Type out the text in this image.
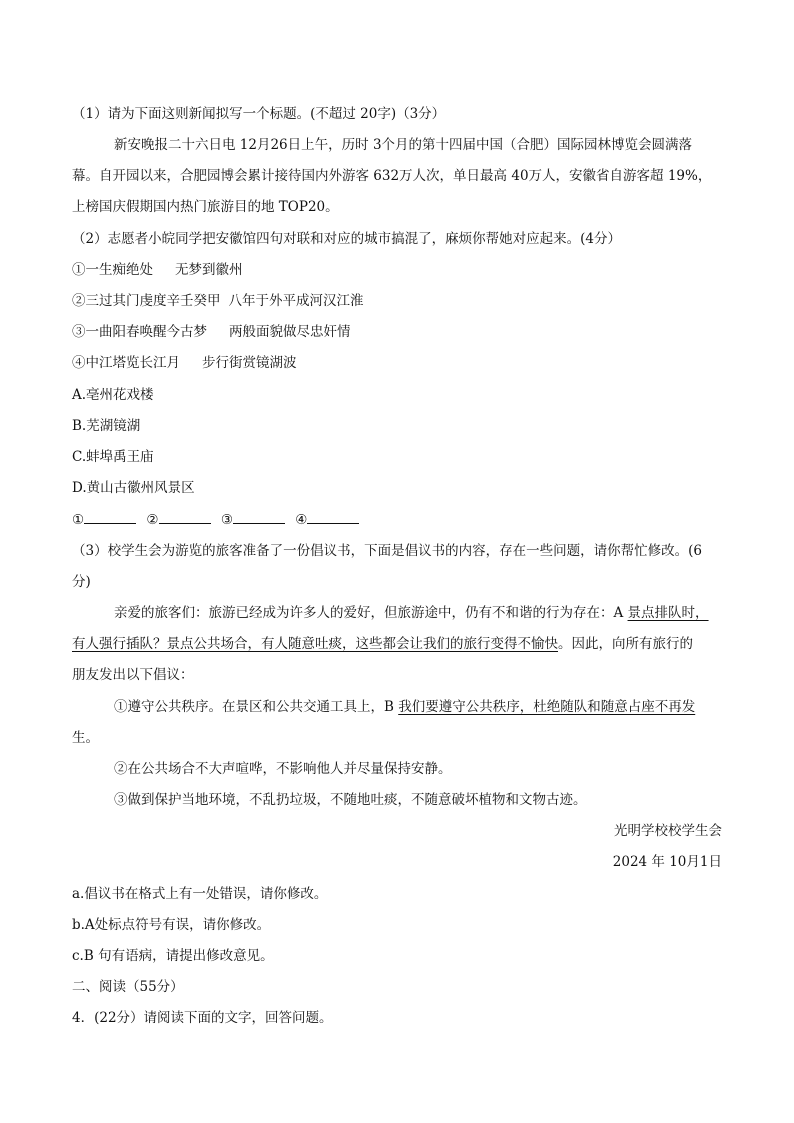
（1）请为下面这则新闻拟写一个标题。(不超过 20字)（3分）
新安晚报二十六日电 12月26日上午，历时 3个月的第十四届中国（合肥）国际园林博览会圆满落
幕。自开园以来，合肥园博会累计接待国内外游客 632万人次，单日最高 40万人，安徽省自游客超 19%，
上榜国庆假期国内热门旅游目的地 TOP20。
（2）志愿者小皖同学把安徽馆四句对联和对应的城市搞混了，麻烦你帮她对应起来。(4分）
①一生痴绝处 无梦到徽州
②三过其门虔度辛壬癸甲 八年于外平成河汉江淮
③一曲阳春唤醒今古梦 两般面貌做尽忠奸情
④中江塔览长江月 步行街赏镜湖波
A.亳州花戏楼
B.芜湖镜湖
C.蚌埠禹王庙
D.黄山古徽州风景区
①	②	③	④
（3）校学生会为游览的旅客准备了一份倡议书，下面是倡议书的内容，存在一些问题，请你帮忙修改。(6
分)
亲爱的旅客们：旅游已经成为许多人的爱好，但旅游途中，仍有不和谐的行为存在：A 景点排队时，
有人强行插队？景点公共场合，有人随意吐痰，这些都会让我们的旅行变得不愉快。因此，向所有旅行的
朋友发出以下倡议：
①遵守公共秩序。在景区和公共交通工具上，B 我们要遵守公共秩序，杜绝随队和随意占座不再发
生。
②在公共场合不大声喧哗，不影响他人并尽量保持安静。
③做到保护当地环境，不乱扔垃圾，不随地吐痰，不随意破坏植物和文物古迹。
光明学校校学生会
2024 年 10月1日
a.倡议书在格式上有一处错误，请你修改。
b.A处标点符号有误，请你修改。
c.B 句有语病，请提出修改意见。
二、阅读（55分）
4．(22分）请阅读下面的文字，回答问题。
